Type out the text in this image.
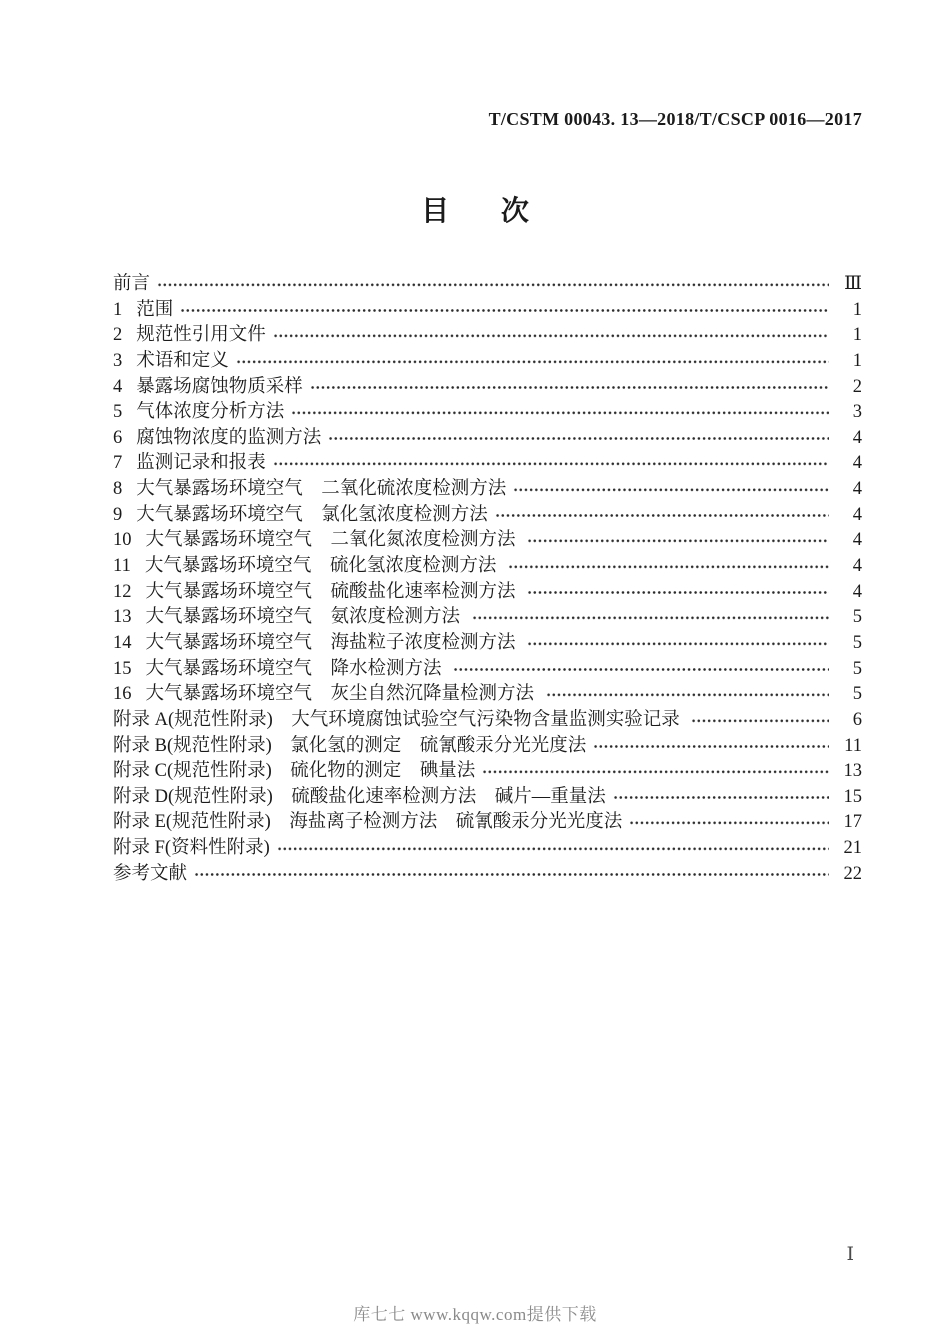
T/CSTM 00043. 13—2018/T/CSCP 0016—2017
目 次
前言	Ⅲ
1 范围	1
2 规范性引用文件	1
3 术语和定义	1
4 暴露场腐蚀物质采样	2
5 气体浓度分析方法	3
6 腐蚀物浓度的监测方法	4
7 监测记录和报表	4
8 大气暴露场环境空气　二氧化硫浓度检测方法	4
9 大气暴露场环境空气　氯化氢浓度检测方法	4
10 大气暴露场环境空气　二氧化氮浓度检测方法	4
11 大气暴露场环境空气　硫化氢浓度检测方法	4
12 大气暴露场环境空气　硫酸盐化速率检测方法	4
13 大气暴露场环境空气　氨浓度检测方法	5
14 大气暴露场环境空气　海盐粒子浓度检测方法	5
15 大气暴露场环境空气　降水检测方法	5
16 大气暴露场环境空气　灰尘自然沉降量检测方法	5
附录 A(规范性附录)　大气环境腐蚀试验空气污染物含量监测实验记录	6
附录 B(规范性附录)　氯化氢的测定　硫氰酸汞分光光度法	11
附录 C(规范性附录)　硫化物的测定　碘量法	13
附录 D(规范性附录)　硫酸盐化速率检测方法　碱片—重量法	15
附录 E(规范性附录)　海盐离子检测方法　硫氰酸汞分光光度法	17
附录 F(资料性附录)	21
参考文献	22
Ⅰ
库七七 www.kqqw.com提供下载
